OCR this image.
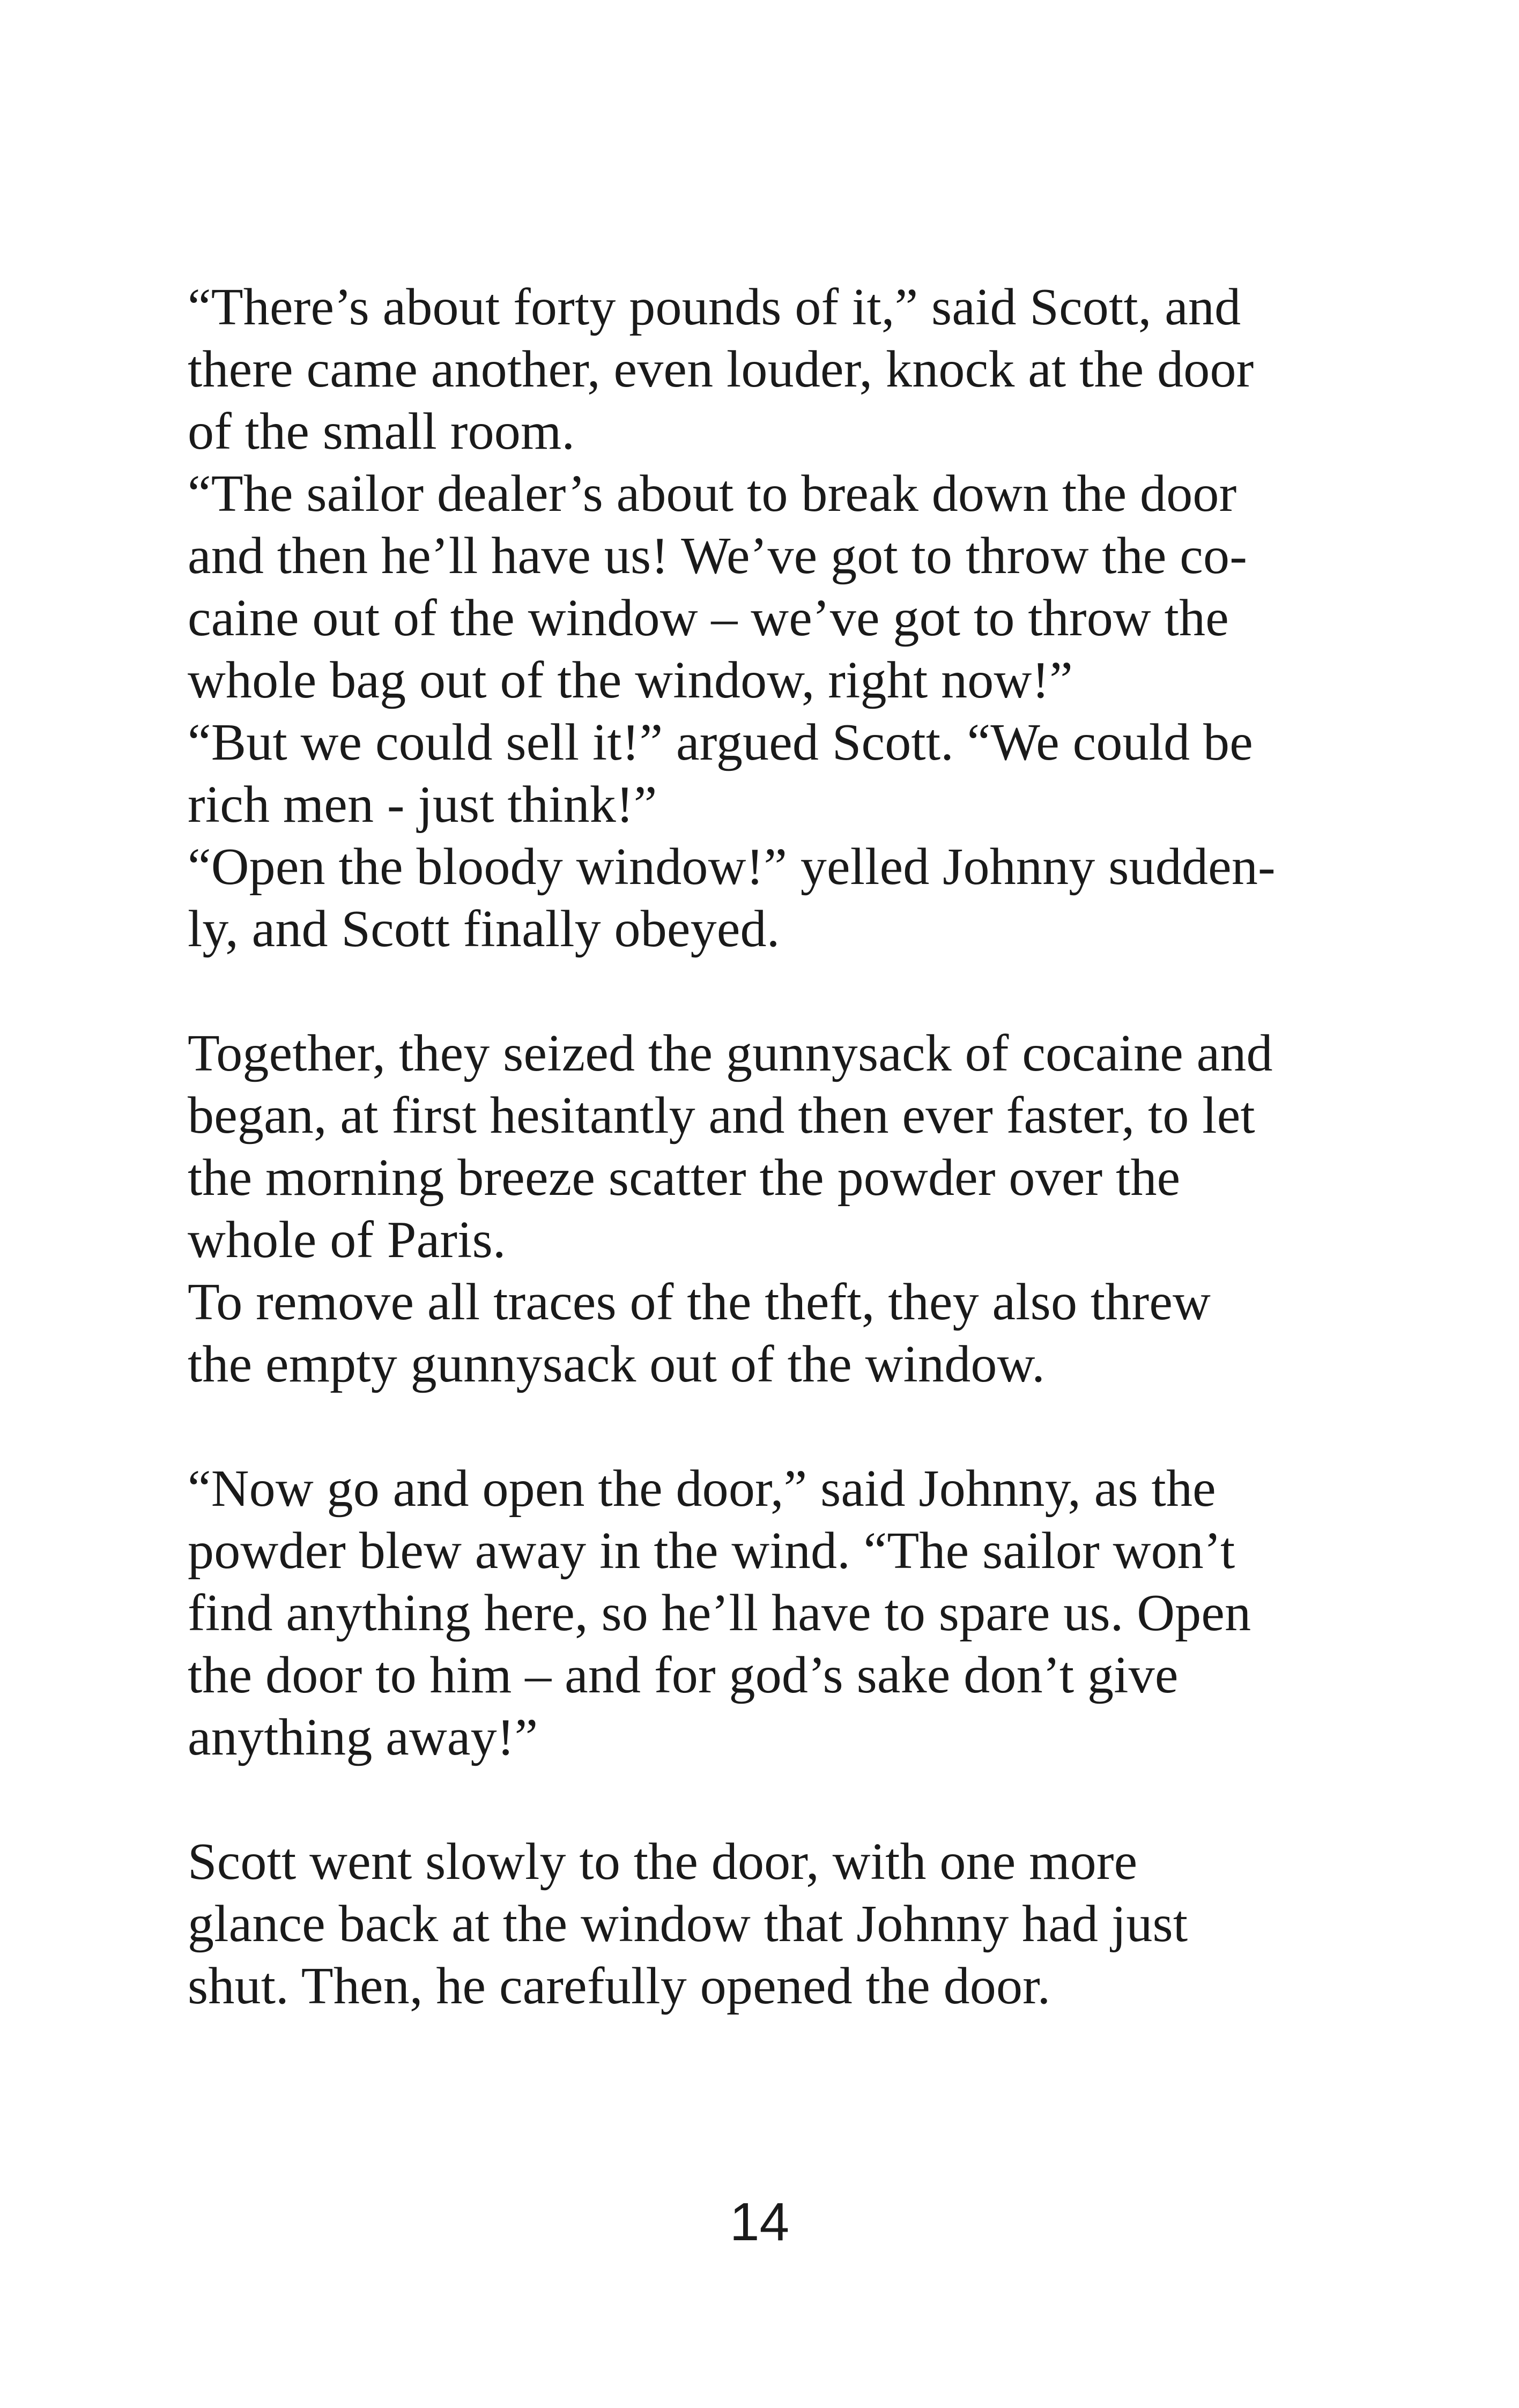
“There’s about forty pounds of it,” said Scott, and
there came another, even louder, knock at the door
of the small room.
“The sailor dealer’s about to break down the door
and then he’ll have us! We’ve got to throw the co-
caine out of the window – we’ve got to throw the
whole bag out of the window, right now!”
“But we could sell it!” argued Scott. “We could be
rich men - just think!”
“Open the bloody window!” yelled Johnny sudden-
ly, and Scott finally obeyed.
Together, they seized the gunnysack of cocaine and
began, at first hesitantly and then ever faster, to let
the morning breeze scatter the powder over the
whole of Paris.
To remove all traces of the theft, they also threw
the empty gunnysack out of the window.
“Now go and open the door,” said Johnny, as the
powder blew away in the wind. “The sailor won’t
find anything here, so he’ll have to spare us. Open
the door to him – and for god’s sake don’t give
anything away!”
Scott went slowly to the door, with one more
glance back at the window that Johnny had just
shut. Then, he carefully opened the door.
14
